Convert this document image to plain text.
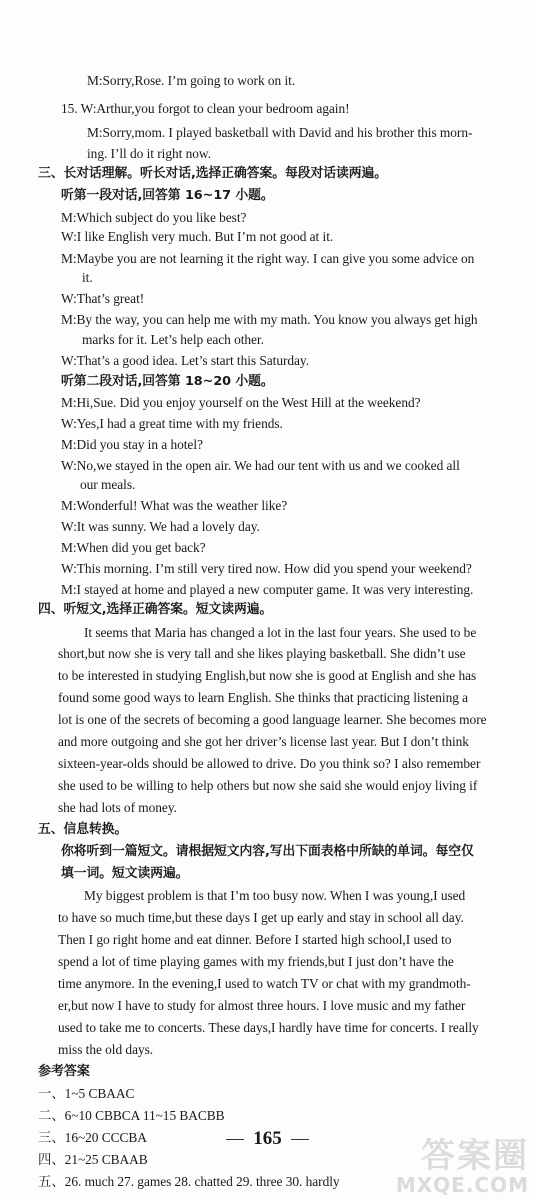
M:Sorry,Rose. I’m going to work on it.
15. W:Arthur,you forgot to clean your bedroom again!
M:Sorry,mom. I played basketball with David and his brother this morn-
ing. I’ll do it right now.
三、长对话理解。听长对话,选择正确答案。每段对话读两遍。
听第一段对话,回答第 16~17 小题。
M:Which subject do you like best?
W:I like English very much. But I’m not good at it.
M:Maybe you are not learning it the right way. I can give you some advice on
it.
W:That’s great!
M:By the way, you can help me with my math. You know you always get high
marks for it. Let’s help each other.
W:That’s a good idea. Let’s start this Saturday.
听第二段对话,回答第 18~20 小题。
M:Hi,Sue. Did you enjoy yourself on the West Hill at the weekend?
W:Yes,I had a great time with my friends.
M:Did you stay in a hotel?
W:No,we stayed in the open air. We had our tent with us and we cooked all
our meals.
M:Wonderful! What was the weather like?
W:It was sunny. We had a lovely day.
M:When did you get back?
W:This morning. I’m still very tired now. How did you spend your weekend?
M:I stayed at home and played a new computer game. It was very interesting.
四、听短文,选择正确答案。短文读两遍。
It seems that Maria has changed a lot in the last four years. She used to be
short,but now she is very tall and she likes playing basketball. She didn’t use
to be interested in studying English,but now she is good at English and she has
found some good ways to learn English. She thinks that practicing listening a
lot is one of the secrets of becoming a good language learner. She becomes more
and more outgoing and she got her driver’s license last year. But I don’t think
sixteen-year-olds should be allowed to drive. Do you think so? I also remember
she used to be willing to help others but now she said she would enjoy living if
she had lots of money.
五、信息转换。
你将听到一篇短文。请根据短文内容,写出下面表格中所缺的单词。每空仅
填一词。短文读两遍。
My biggest problem is that I’m too busy now. When I was young,I used
to have so much time,but these days I get up early and stay in school all day.
Then I go right home and eat dinner. Before I started high school,I used to
spend a lot of time playing games with my friends,but I just don’t have the
time anymore. In the evening,I used to watch TV or chat with my grandmoth-
er,but now I have to study for almost three hours. I love music and my father
used to take me to concerts. These days,I hardly have time for concerts. I really
miss the old days.
参考答案
一、1~5 CBAAC
二、6~10 CBBCA 11~15 BACBB
三、16~20 CCCBA
四、21~25 CBAAB
五、26. much 27. games 28. chatted 29. three 30. hardly
165	答案圈
MXQE.COM
